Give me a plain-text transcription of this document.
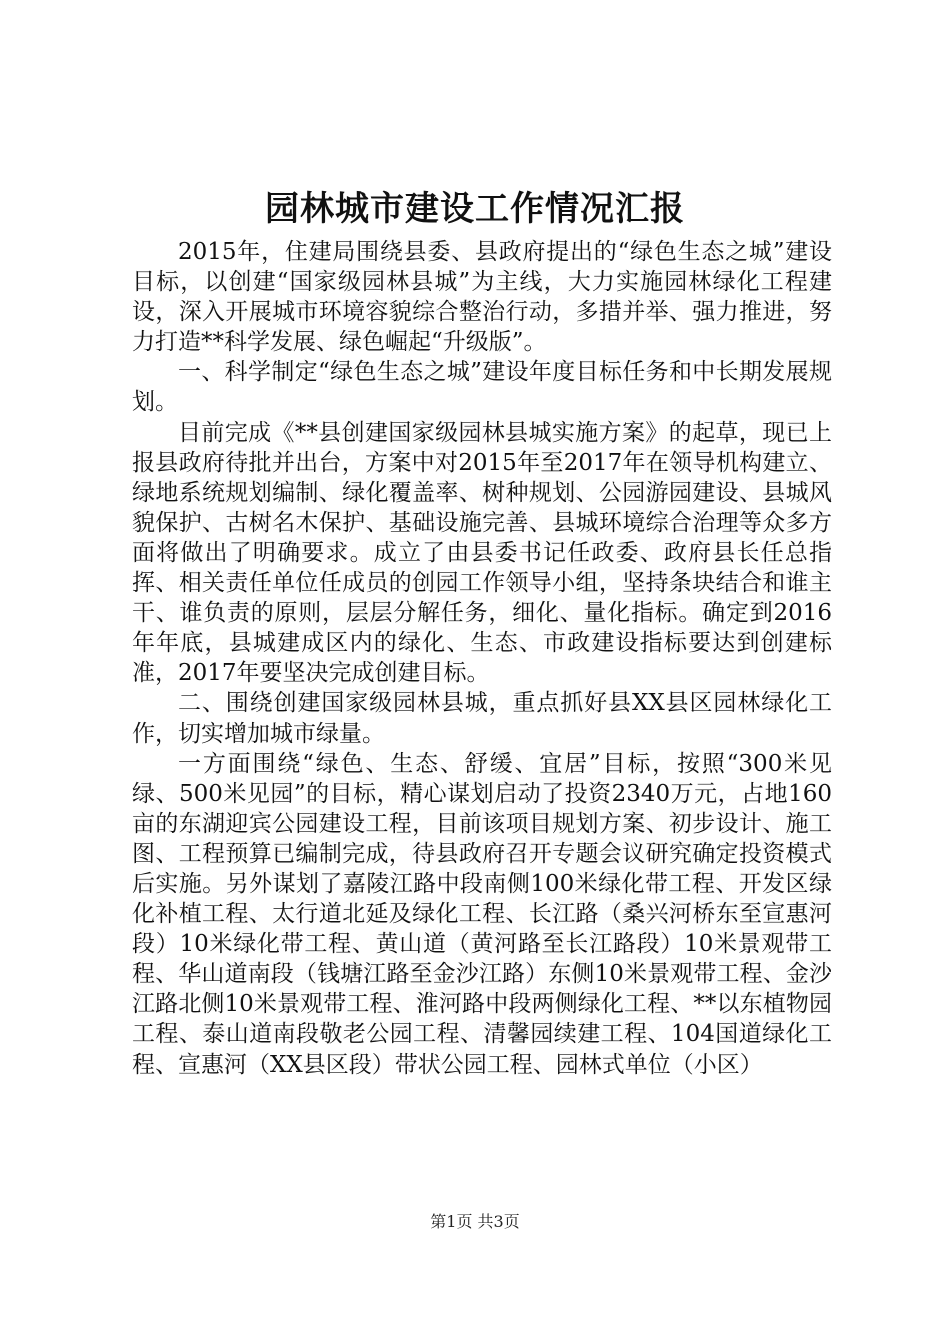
园林城市建设工作情况汇报

2015年，住建局围绕县委、县政府提出的“绿色生态之城”建设目标，以创建“国家级园林县城”为主线，大力实施园林绿化工程建设，深入开展城市环境容貌综合整治行动，多措并举、强力推进，努力打造**科学发展、绿色崛起“升级版”。

一、科学制定“绿色生态之城”建设年度目标任务和中长期发展规划。

目前完成《**县创建国家级园林县城实施方案》的起草，现已上报县政府待批并出台，方案中对2015年至2017年在领导机构建立、绿地系统规划编制、绿化覆盖率、树种规划、公园游园建设、县城风貌保护、古树名木保护、基础设施完善、县城环境综合治理等众多方面将做出了明确要求。成立了由县委书记任政委、政府县长任总指挥、相关责任单位任成员的创园工作领导小组，坚持条块结合和谁主干、谁负责的原则，层层分解任务，细化、量化指标。确定到2016年年底，县城建成区内的绿化、生态、市政建设指标要达到创建标准，2017年要坚决完成创建目标。

二、围绕创建国家级园林县城，重点抓好县XX县区园林绿化工作，切实增加城市绿量。

一方面围绕“绿色、生态、舒缓、宜居”目标，按照“300米见绿、500米见园”的目标，精心谋划启动了投资2340万元，占地160亩的东湖迎宾公园建设工程，目前该项目规划方案、初步设计、施工图、工程预算已编制完成，待县政府召开专题会议研究确定投资模式后实施。另外谋划了嘉陵江路中段南侧100米绿化带工程、开发区绿化补植工程、太行道北延及绿化工程、长江路（桑兴河桥东至宣惠河段）10米绿化带工程、黄山道（黄河路至长江路段）10米景观带工程、华山道南段（钱塘江路至金沙江路）东侧10米景观带工程、金沙江路北侧10米景观带工程、淮河路中段两侧绿化工程、**以东植物园工程、泰山道南段敬老公园工程、清馨园续建工程、104国道绿化工程、宣惠河（XX县区段）带状公园工程、园林式单位（小区）

第1页 共3页
